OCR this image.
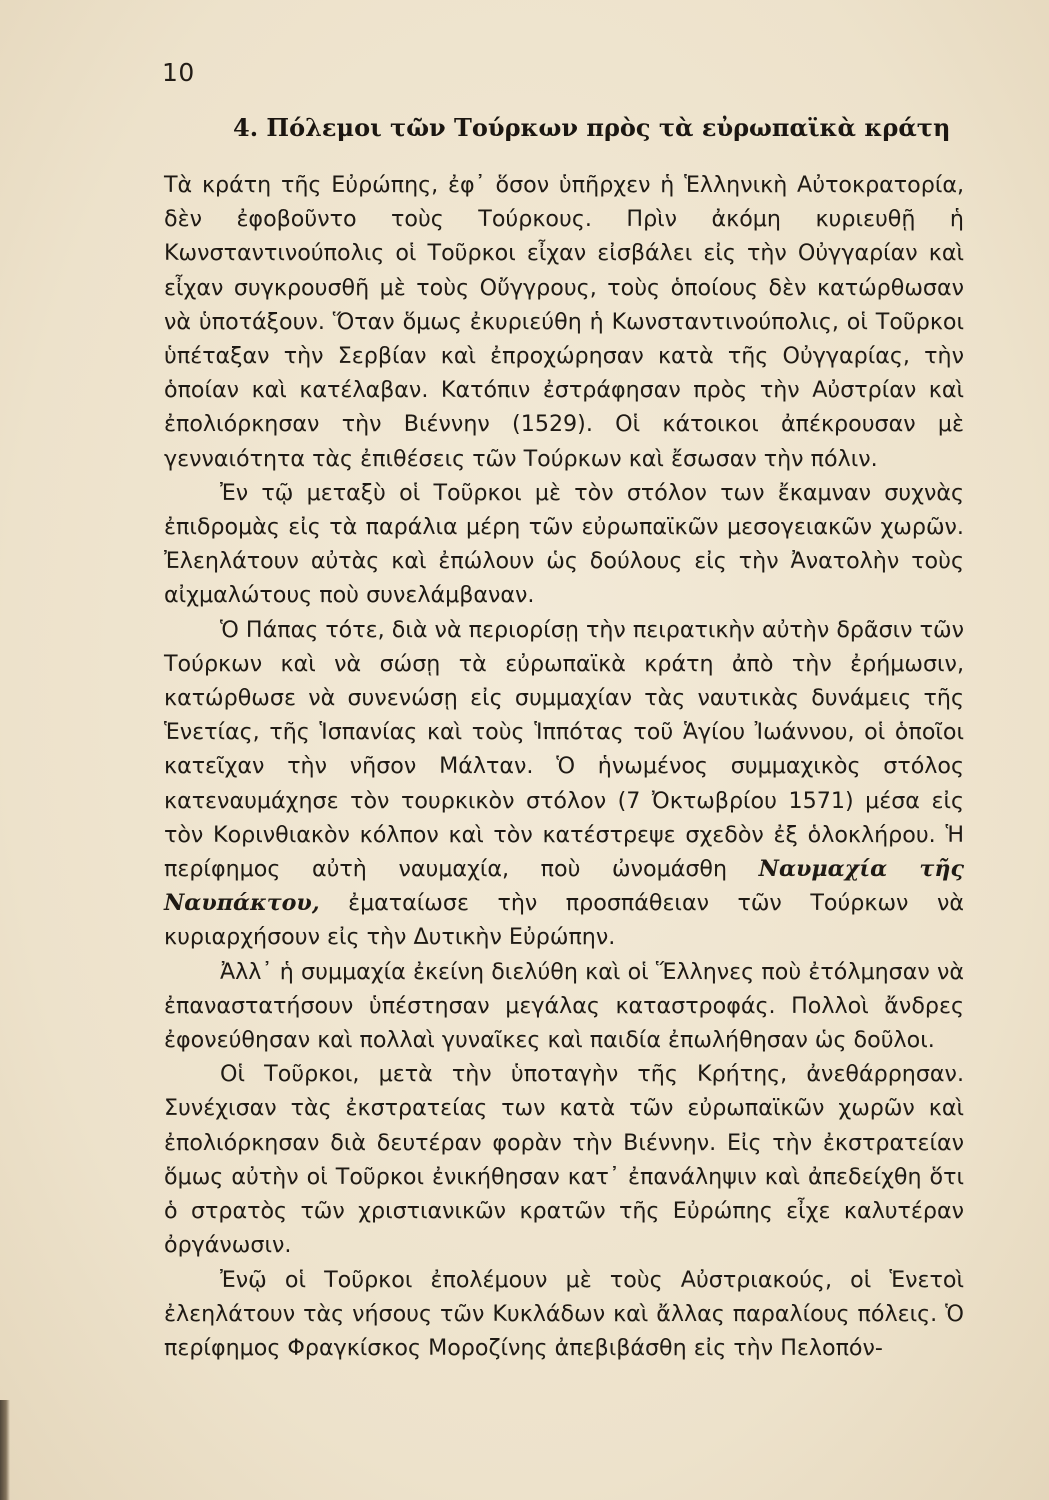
10
4. Πόλεμοι τῶν Τούρκων πρὸς τὰ εὐρωπαϊκὰ κράτη

Τὰ κράτη τῆς Εὐρώπης, ἐφ᾽ ὅσον ὑπῆρχεν ἡ Ἑλληνικὴ Αὐτοκρατορία, δὲν ἐφοβοῦντο τοὺς Τούρκους. Πρὶν ἀκόμη κυριευθῇ ἡ Κωνσταντινούπολις οἱ Τοῦρκοι εἶχαν εἰσβάλει εἰς τὴν Οὐγγαρίαν καὶ εἶχαν συγκρουσθῆ μὲ τοὺς Οὔγγρους, τοὺς ὁποίους δὲν κατώρθωσαν νὰ ὑποτάξουν. Ὅταν ὅμως ἐκυριεύθη ἡ Κωνσταντινούπολις, οἱ Τοῦρκοι ὑπέταξαν τὴν Σερβίαν καὶ ἐπροχώρησαν κατὰ τῆς Οὐγγαρίας, τὴν ὁποίαν καὶ κατέλαβαν. Κατόπιν ἐστράφησαν πρὸς τὴν Αὐστρίαν καὶ ἐπολιόρκησαν τὴν Βιέννην (1529). Οἱ κάτοικοι ἀπέκρουσαν μὲ γενναιότητα τὰς ἐπιθέσεις τῶν Τούρκων καὶ ἔσωσαν τὴν πόλιν.

Ἐν τῷ μεταξὺ οἱ Τοῦρκοι μὲ τὸν στόλον των ἔκαμναν συχνὰς ἐπιδρομὰς εἰς τὰ παράλια μέρη τῶν εὐρωπαϊκῶν μεσογειακῶν χωρῶν. Ἐλεηλάτουν αὐτὰς καὶ ἐπώλουν ὡς δούλους εἰς τὴν Ἀνατολὴν τοὺς αἰχμαλώτους ποὺ συνελάμβαναν.

Ὁ Πάπας τότε, διὰ νὰ περιορίσῃ τὴν πειρατικὴν αὐτὴν δρᾶσιν τῶν Τούρκων καὶ νὰ σώσῃ τὰ εὐρωπαϊκὰ κράτη ἀπὸ τὴν ἐρήμωσιν, κατώρθωσε νὰ συνενώσῃ εἰς συμμαχίαν τὰς ναυτικὰς δυνάμεις τῆς Ἑνετίας, τῆς Ἱσπανίας καὶ τοὺς Ἱππότας τοῦ Ἁγίου Ἰωάννου, οἱ ὁποῖοι κατεῖχαν τὴν νῆσον Μάλταν. Ὁ ἡνωμένος συμμαχικὸς στόλος κατεναυμάχησε τὸν τουρκικὸν στόλον (7 Ὀκτωβρίου 1571) μέσα εἰς τὸν Κορινθιακὸν κόλπον καὶ τὸν κατέστρεψε σχεδὸν ἐξ ὁλοκλήρου. Ἡ περίφημος αὐτὴ ναυμαχία, ποὺ ὠνομάσθη Ναυμαχία τῆς Ναυπάκτου, ἐματαίωσε τὴν προσπάθειαν τῶν Τούρκων νὰ κυριαρχήσουν εἰς τὴν Δυτικὴν Εὐρώπην.

Ἀλλ᾽ ἡ συμμαχία ἐκείνη διελύθη καὶ οἱ Ἕλληνες ποὺ ἐτόλμησαν νὰ ἐπαναστατήσουν ὑπέστησαν μεγάλας καταστροφάς. Πολλοὶ ἄνδρες ἐφονεύθησαν καὶ πολλαὶ γυναῖκες καὶ παιδία ἐπωλήθησαν ὡς δοῦλοι.

Οἱ Τοῦρκοι, μετὰ τὴν ὑποταγὴν τῆς Κρήτης, ἀνεθάρρησαν. Συνέχισαν τὰς ἐκστρατείας των κατὰ τῶν εὐρωπαϊκῶν χωρῶν καὶ ἐπολιόρκησαν διὰ δευτέραν φορὰν τὴν Βιέννην. Εἰς τὴν ἐκστρατείαν ὅμως αὐτὴν οἱ Τοῦρκοι ἐνικήθησαν κατ᾽ ἐπανάληψιν καὶ ἀπεδείχθη ὅτι ὁ στρατὸς τῶν χριστιανικῶν κρατῶν τῆς Εὐρώπης εἶχε καλυτέραν ὀργάνωσιν.

Ἐνῷ οἱ Τοῦρκοι ἐπολέμουν μὲ τοὺς Αὐστριακούς, οἱ Ἑνετοὶ ἐλεηλάτουν τὰς νήσους τῶν Κυκλάδων καὶ ἄλλας παραλίους πόλεις. Ὁ περίφημος Φραγκίσκος Μοροζίνης ἀπεβιβάσθη εἰς τὴν Πελοπόν-
